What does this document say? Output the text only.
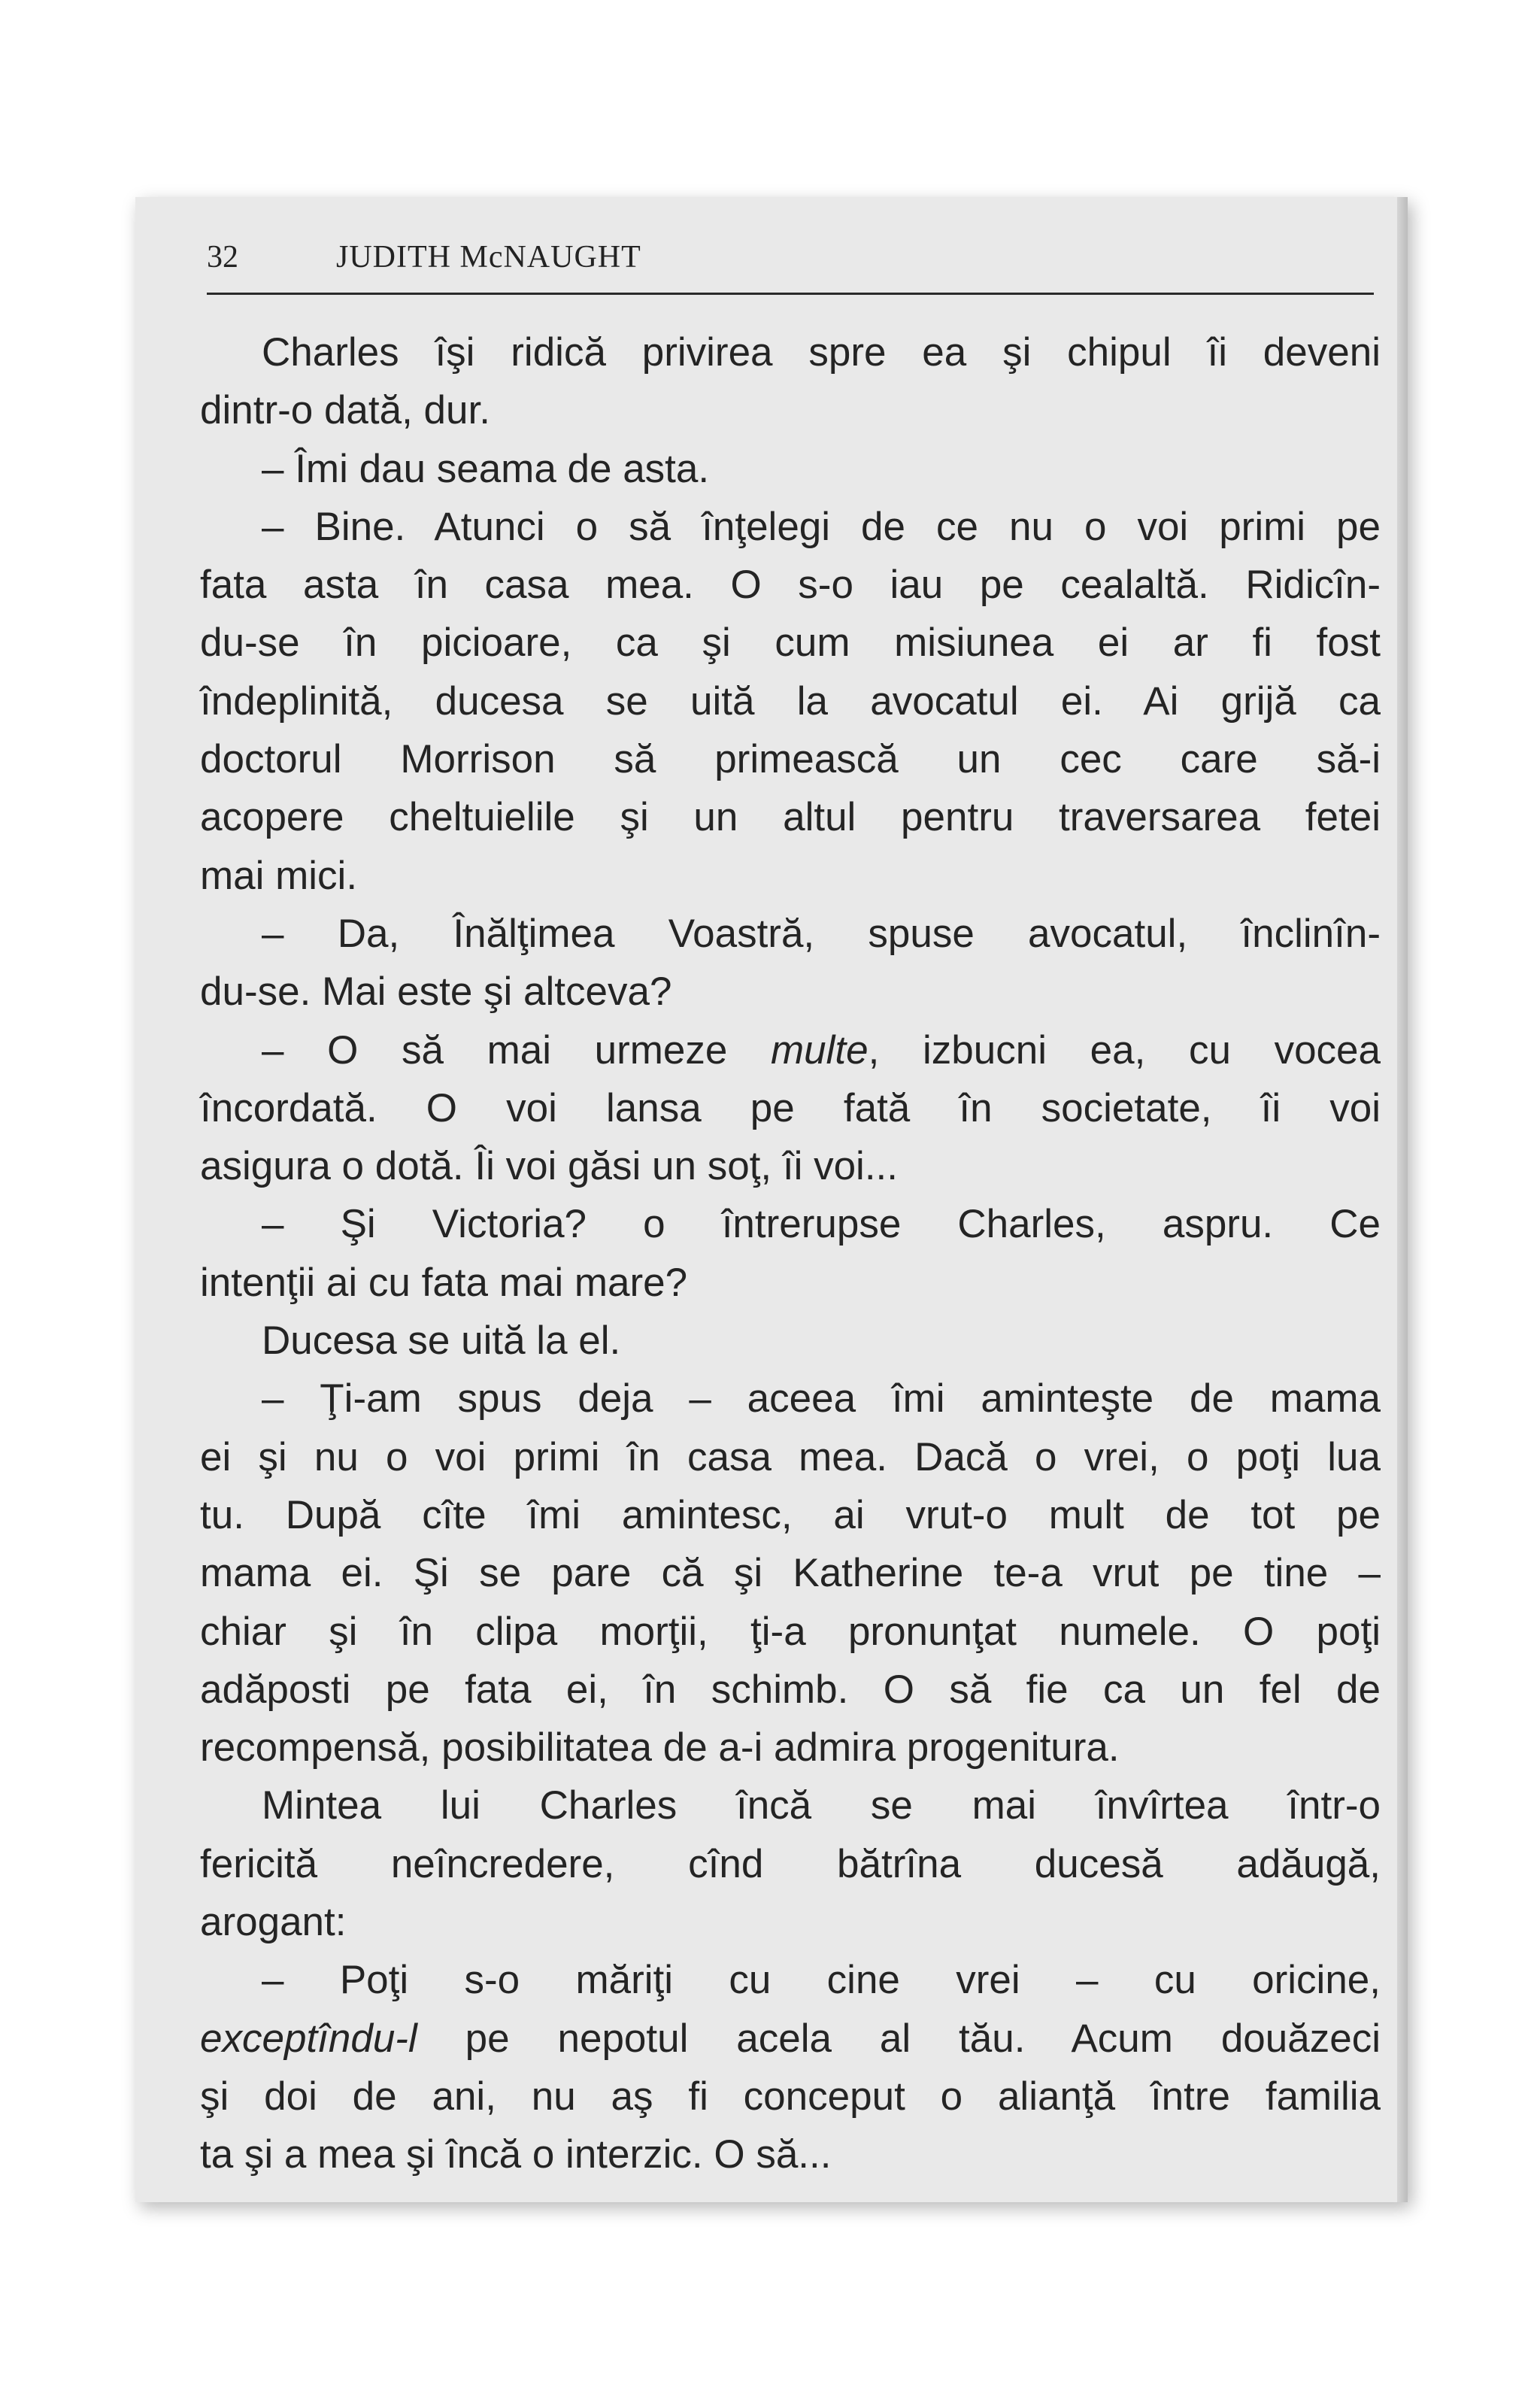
32	JUDITH McNAUGHT
Charles îşi ridică privirea spre ea şi chipul îi deveni
dintr-o dată, dur.
– Îmi dau seama de asta.
– Bine. Atunci o să înţelegi de ce nu o voi primi pe
fata asta în casa mea. O s-o iau pe cealaltă. Ridicîn-
du-se în picioare, ca şi cum misiunea ei ar fi fost
îndeplinită, ducesa se uită la avocatul ei. Ai grijă ca
doctorul Morrison să primească un cec care să-i
acopere cheltuielile şi un altul pentru traversarea fetei
mai mici.
– Da, Înălţimea Voastră, spuse avocatul, înclinîn-
du-se. Mai este şi altceva?
– O să mai urmeze multe, izbucni ea, cu vocea
încordată. O voi lansa pe fată în societate, îi voi
asigura o dotă. Îi voi găsi un soţ, îi voi...
– Şi Victoria? o întrerupse Charles, aspru. Ce
intenţii ai cu fata mai mare?
Ducesa se uită la el.
– Ţi-am spus deja – aceea îmi aminteşte de mama
ei şi nu o voi primi în casa mea. Dacă o vrei, o poţi lua
tu. După cîte îmi amintesc, ai vrut-o mult de tot pe
mama ei. Şi se pare că şi Katherine te-a vrut pe tine –
chiar şi în clipa morţii, ţi-a pronunţat numele. O poţi
adăposti pe fata ei, în schimb. O să fie ca un fel de
recompensă, posibilitatea de a-i admira progenitura.
Mintea lui Charles încă se mai învîrtea într-o
fericită neîncredere, cînd bătrîna ducesă adăugă,
arogant:
– Poţi s-o măriţi cu cine vrei – cu oricine,
exceptîndu-l pe nepotul acela al tău. Acum douăzeci
şi doi de ani, nu aş fi conceput o alianţă între familia
ta şi a mea şi încă o interzic. O să...
